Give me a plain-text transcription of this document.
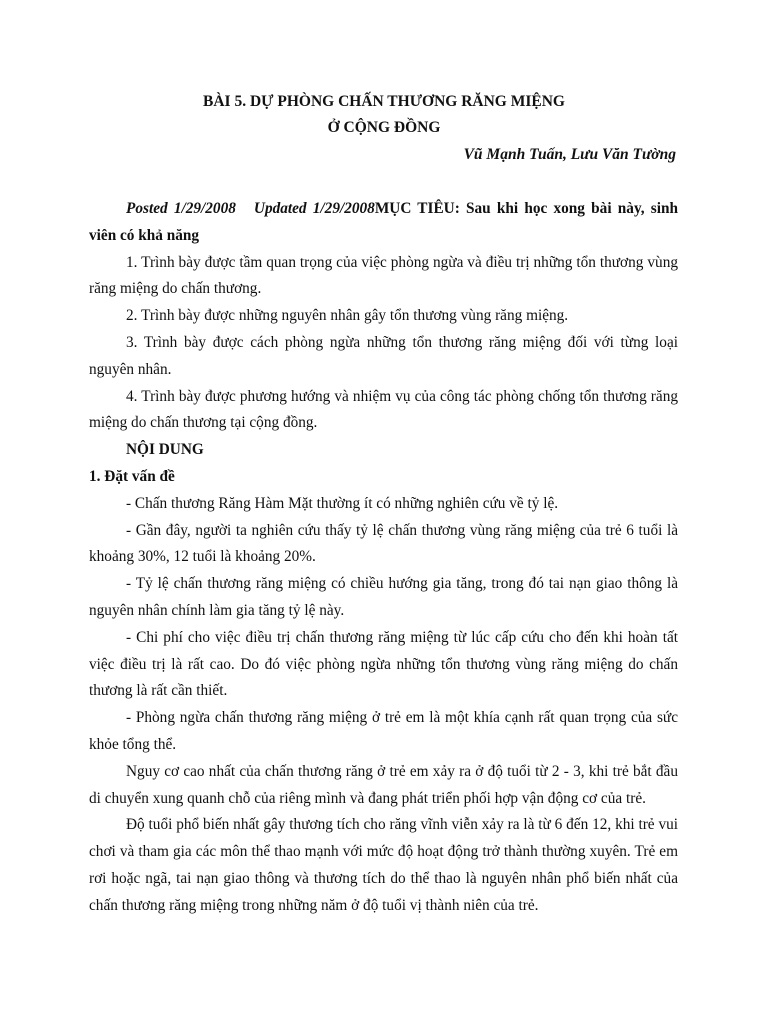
BÀI 5. DỰ PHÒNG CHẤN THƯƠNG RĂNG MIỆNG
Ở CỘNG ĐỒNG
Vũ Mạnh Tuấn, Lưu Văn Tường

Posted 1/29/2008 Updated 1/29/2008MỤC TIÊU: Sau khi học xong bài này, sinh viên có khả năng

1. Trình bày được tầm quan trọng của việc phòng ngừa và điều trị những tổn thương vùng răng miệng do chấn thương.

2. Trình bày được những nguyên nhân gây tổn thương vùng răng miệng.

3. Trình bày được cách phòng ngừa những tổn thương răng miệng đối với từng loại nguyên nhân.

4. Trình bày được phương hướng và nhiệm vụ của công tác phòng chống tổn thương răng miệng do chấn thương tại cộng đồng.

NỘI DUNG

1. Đặt vấn đề

- Chấn thương Răng Hàm Mặt thường ít có những nghiên cứu về tỷ lệ.

- Gần đây, người ta nghiên cứu thấy tỷ lệ chấn thương vùng răng miệng của trẻ 6 tuổi là khoảng 30%, 12 tuổi là khoảng 20%.

- Tỷ lệ chấn thương răng miệng có chiều hướng gia tăng, trong đó tai nạn giao thông là nguyên nhân chính làm gia tăng tỷ lệ này.

- Chi phí cho việc điều trị chấn thương răng miệng từ lúc cấp cứu cho đến khi hoàn tất việc điều trị là rất cao. Do đó việc phòng ngừa những tổn thương vùng răng miệng do chấn thương là rất cần thiết.

- Phòng ngừa chấn thương răng miệng ở trẻ em là một khía cạnh rất quan trọng của sức khỏe tổng thể.

Nguy cơ cao nhất của chấn thương răng ở trẻ em xảy ra ở độ tuổi từ 2 - 3, khi trẻ bắt đầu di chuyển xung quanh chỗ của riêng mình và đang phát triển phối hợp vận động cơ của trẻ.

Độ tuổi phổ biến nhất gây thương tích cho răng vĩnh viễn xảy ra là từ 6 đến 12, khi trẻ vui chơi và tham gia các môn thể thao mạnh với mức độ hoạt động trở thành thường xuyên. Trẻ em rơi hoặc ngã, tai nạn giao thông và thương tích do thể thao là nguyên nhân phổ biến nhất của chấn thương răng miệng trong những năm ở độ tuổi vị thành niên của trẻ.
